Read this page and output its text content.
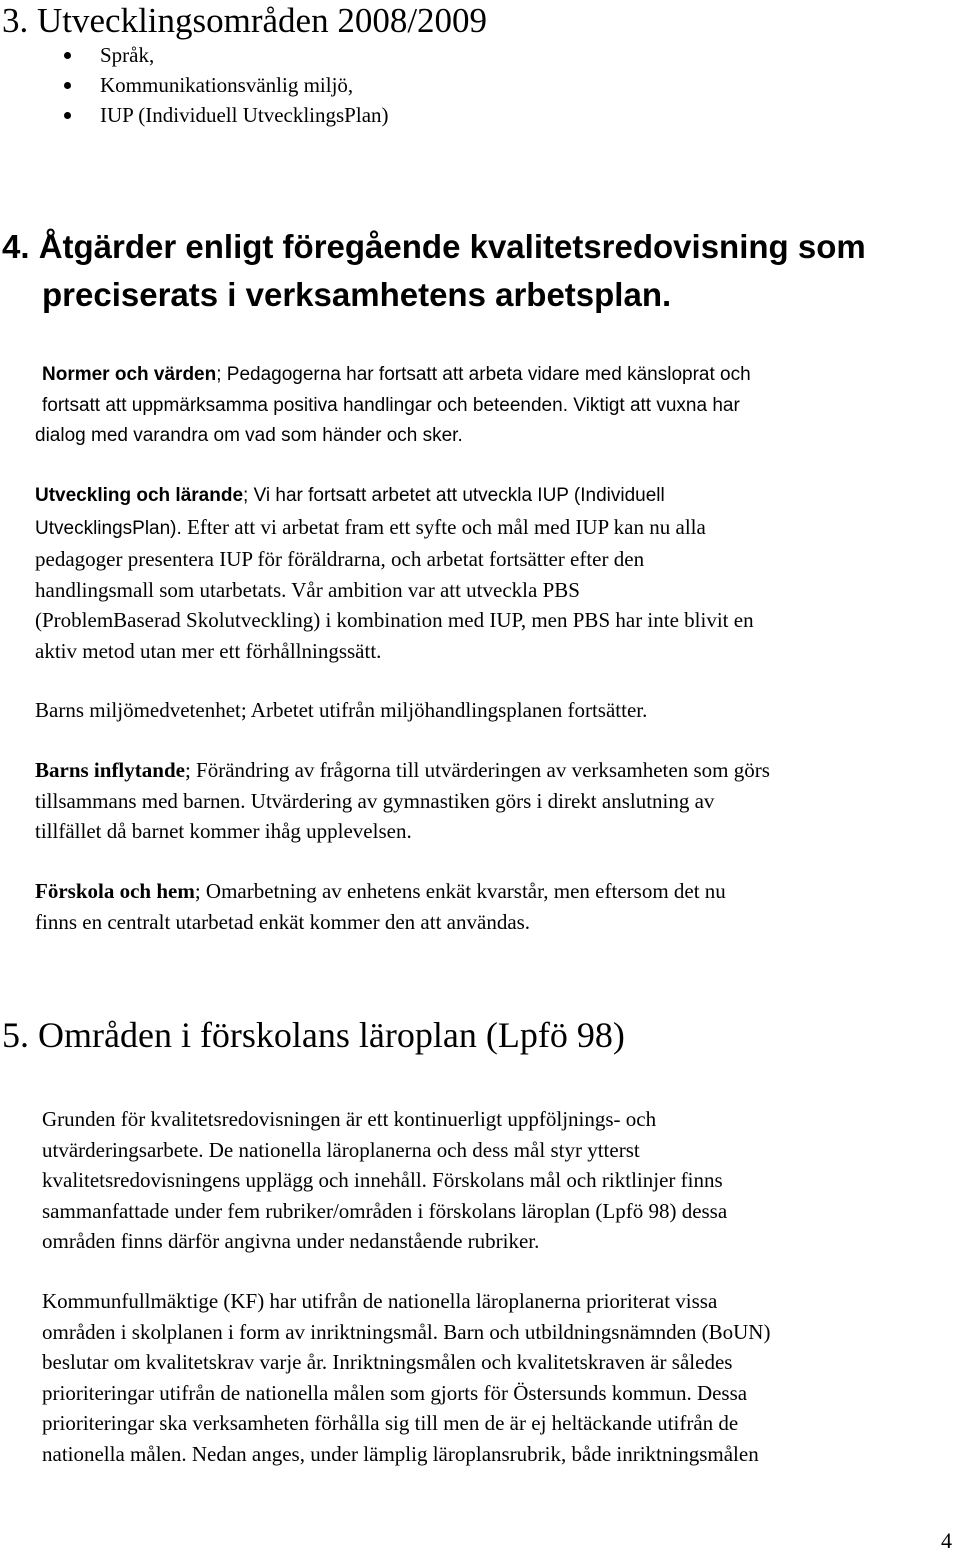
3. Utvecklingsområden 2008/2009
Språk,
Kommunikationsvänlig miljö,
IUP (Individuell UtvecklingsPlan)
4. Åtgärder enligt föregående kvalitetsredovisning som
preciserats i verksamhetens arbetsplan.
Normer och värden; Pedagogerna har fortsatt att arbeta vidare med känsloprat och
fortsatt att uppmärksamma positiva handlingar och beteenden. Viktigt att vuxna har
dialog med varandra om vad som händer och sker.
Utveckling och lärande; Vi har fortsatt arbetet att utveckla IUP (Individuell
UtvecklingsPlan). Efter att vi arbetat fram ett syfte och mål med IUP kan nu alla
pedagoger presentera IUP för föräldrarna, och arbetat fortsätter efter den
handlingsmall som utarbetats. Vår ambition var att utveckla PBS
(ProblemBaserad Skolutveckling) i kombination med IUP, men PBS har inte blivit en
aktiv metod utan mer ett förhållningssätt.
Barns miljömedvetenhet; Arbetet utifrån miljöhandlingsplanen fortsätter.
Barns inflytande; Förändring av frågorna till utvärderingen av verksamheten som görs
tillsammans med barnen. Utvärdering av gymnastiken görs i direkt anslutning av
tillfället då barnet kommer ihåg upplevelsen.
Förskola och hem; Omarbetning av enhetens enkät kvarstår, men eftersom det nu
finns en centralt utarbetad enkät kommer den att användas.
5. Områden i förskolans läroplan (Lpfö 98)
Grunden för kvalitetsredovisningen är ett kontinuerligt uppföljnings- och
utvärderingsarbete. De nationella läroplanerna och dess mål styr ytterst
kvalitetsredovisningens upplägg och innehåll. Förskolans mål och riktlinjer finns
sammanfattade under fem rubriker/områden i förskolans läroplan (Lpfö 98) dessa
områden finns därför angivna under nedanstående rubriker.
Kommunfullmäktige (KF) har utifrån de nationella läroplanerna prioriterat vissa
områden i skolplanen i form av inriktningsmål. Barn och utbildningsnämnden (BoUN)
beslutar om kvalitetskrav varje år. Inriktningsmålen och kvalitetskraven är således
prioriteringar utifrån de nationella målen som gjorts för Östersunds kommun. Dessa
prioriteringar ska verksamheten förhålla sig till men de är ej heltäckande utifrån de
nationella målen. Nedan anges, under lämplig läroplansrubrik, både inriktningsmålen
4
